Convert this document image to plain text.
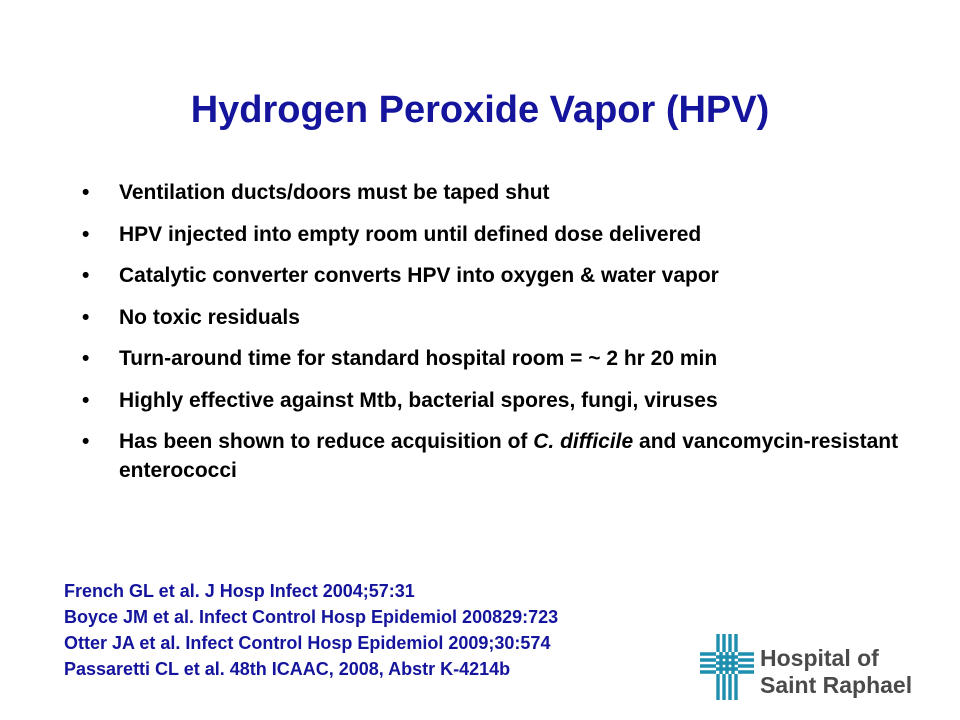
Hydrogen Peroxide Vapor (HPV)
• Ventilation ducts/doors must be taped shut
• HPV injected into empty room until defined dose delivered
• Catalytic converter converts HPV into oxygen & water vapor
• No toxic residuals
• Turn-around time for standard hospital room = ~ 2 hr 20 min
• Highly effective against Mtb, bacterial spores, fungi, viruses
• Has been shown to reduce acquisition of C. difficile and vancomycin-resistant enterococci
French GL et al. J Hosp Infect 2004;57:31
Boyce JM et al. Infect Control Hosp Epidemiol 200829:723
Otter JA et al. Infect Control Hosp Epidemiol 2009;30:574
Passaretti CL et al. 48th ICAAC, 2008, Abstr K-4214b	Hospital of
Saint Raphael
